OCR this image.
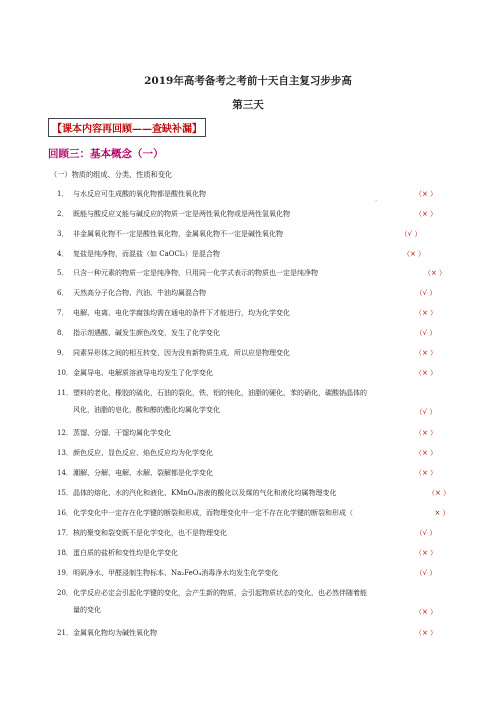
2019年高考备考之考前十天自主复习步步高
第三天
【课本内容再回顾——查缺补漏】
回顾三：基本概念（一）
（一）物质的组成、分类、性质和变化
.
1． 与水反应可生成酸的氧化物都是酸性氧化物	（× ）
2． 既能与酸反应又能与碱反应的物质一定是两性氧化物或是两性氢氧化物	（× ）
3． 非金属氧化物不一定是酸性氧化物，金属氧化物不一定是碱性氧化物	（√ ）
4． 复盐是纯净物，而混盐（如 CaOCl₂）是混合物	（× ）
5． 只含一种元素的物质一定是纯净物，只用同一化学式表示的物质也一定是纯净物	（× ）
6． 天然高分子化合物、汽油、牛油均属混合物	（√ ）
7． 电解、电离、电化学腐蚀均需在通电的条件下才能进行，均为化学变化	（× ）
8． 指示剂遇酸、碱发生颜色改变，发生了化学变化	（√ ）
9． 同素异形体之间的相互转变，因为没有新物质生成，所以应是物理变化	（× ）
10． 金属导电、电解质溶液导电均发生了化学变化	（× ）
11． 塑料的老化，橡胶的硫化，石油的裂化，铁、铝的钝化，油脂的硬化，苯的硝化，碳酸钠晶体的
风化，油脂的皂化，酸和醇的酯化均属化学变化	（√ ）
12． 蒸馏、分馏、干馏均属化学变化	（× ）
13． 颜色反应、显色反应、焰色反应均为化学变化	（× ）
14． 潮解、分解、电解、水解、裂解都是化学变化	（× ）
15． 晶体的熔化、水的汽化和液化、KMnO₄溶液的酸化以及煤的气化和液化均属物理变化	（× ）
16． 化学变化中一定存在化学键的断裂和形成，而物理变化中一定不存在化学键的断裂和形成（	× ）
17． 核的聚变和裂变既不是化学变化，也不是物理变化	（√ ）
18． 蛋白质的盐析和变性均是化学变化	（× ）
19． 明矾净水、甲醛浸制生物标本、Na₂FeO₄消毒净水均发生化学变化	（√ ）
20． 化学反应必定会引起化学键的变化，会产生新的物质，会引起物质状态的变化，也必然伴随着能
量的变化	（× ）
21． 金属氧化物均为碱性氧化物	（× ）
